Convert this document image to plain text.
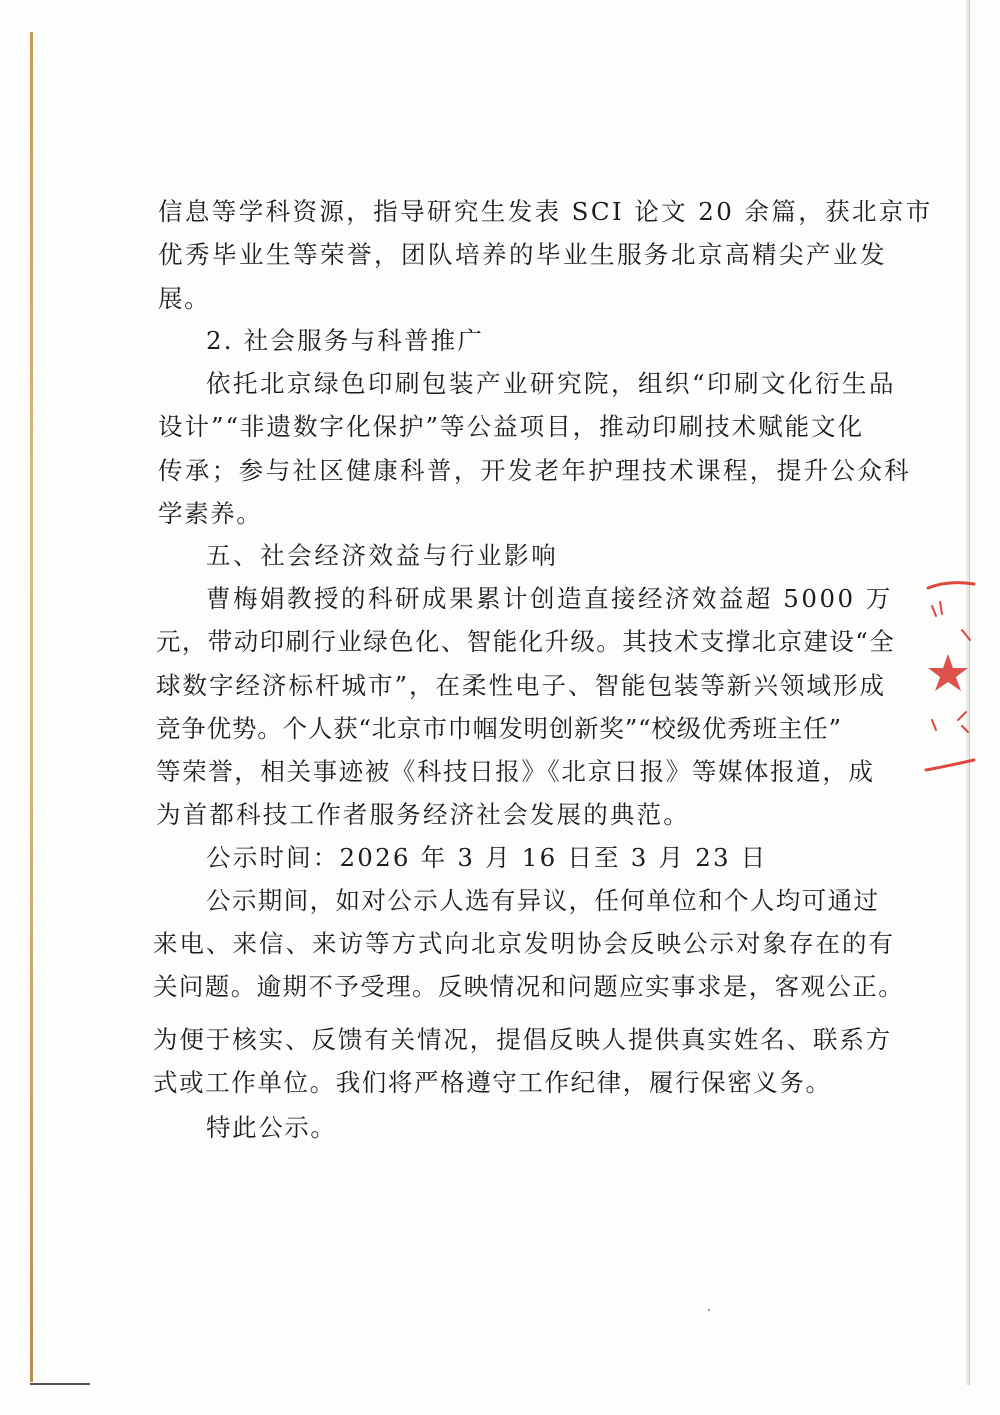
信息等学科资源，指导研究生发表 SCI 论文 20 余篇，获北京市
优秀毕业生等荣誉，团队培养的毕业生服务北京高精尖产业发
展。
2. 社会服务与科普推广
依托北京绿色印刷包装产业研究院，组织“印刷文化衍生品
设计”“非遗数字化保护”等公益项目，推动印刷技术赋能文化
传承；参与社区健康科普，开发老年护理技术课程，提升公众科
学素养。
五、社会经济效益与行业影响
曹梅娟教授的科研成果累计创造直接经济效益超 5000 万
元，带动印刷行业绿色化、智能化升级。其技术支撑北京建设“全
球数字经济标杆城市”，在柔性电子、智能包装等新兴领域形成
竞争优势。个人获“北京市巾帼发明创新奖”“校级优秀班主任”
等荣誉，相关事迹被《科技日报》《北京日报》等媒体报道，成
为首都科技工作者服务经济社会发展的典范。
公示时间：2026 年 3 月 16 日至 3 月 23 日
公示期间，如对公示人选有异议，任何单位和个人均可通过
来电、来信、来访等方式向北京发明协会反映公示对象存在的有
关问题。逾期不予受理。反映情况和问题应实事求是，客观公正。
为便于核实、反馈有关情况，提倡反映人提供真实姓名、联系方
式或工作单位。我们将严格遵守工作纪律，履行保密义务。
特此公示。
